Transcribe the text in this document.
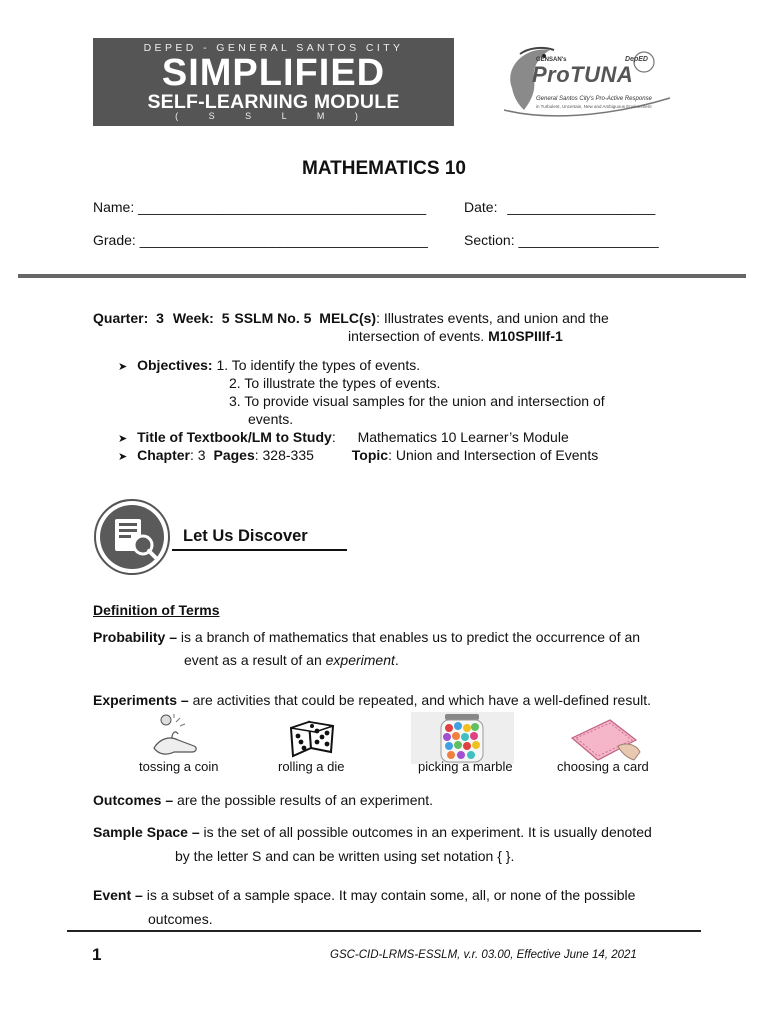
DEPED - GENERAL SANTOS CITY
SIMPLIFIED
SELF-LEARNING MODULE
( S S L M )
GENSAN's	DepED
ProTUNA
General Santos City's Pro-Active Response
in Turbulent, Uncertain, New and Ambiguous Environment
MATHEMATICS 10
Name: _____________________________________	Date: ___________________
Grade: _____________________________________	Section: __________________
Quarter: 3 Week: 5 SSLM No. 5 MELC(s): Illustrates events, and union and the
intersection of events. M10SPIIIf-1
➤ Objectives: 1. To identify the types of events.
2. To illustrate the types of events.
3. To provide visual samples for the union and intersection of
events.
➤ Title of Textbook/LM to Study: Mathematics 10 Learner’s Module
➤ Chapter: 3 Pages: 328-335	Topic: Union and Intersection of Events
Let Us Discover
Definition of Terms
Probability – is a branch of mathematics that enables us to predict the occurrence of an
event as a result of an experiment.
Experiments – are activities that could be repeated, and which have a well-defined result.
tossing a coin	rolling a die	picking a marble	choosing a card
Outcomes – are the possible results of an experiment.
Sample Space – is the set of all possible outcomes in an experiment. It is usually denoted
by the letter S and can be written using set notation { }.
Event – is a subset of a sample space. It may contain some, all, or none of the possible
outcomes.
1	GSC-CID-LRMS-ESSLM, v.r. 03.00, Effective June 14, 2021
